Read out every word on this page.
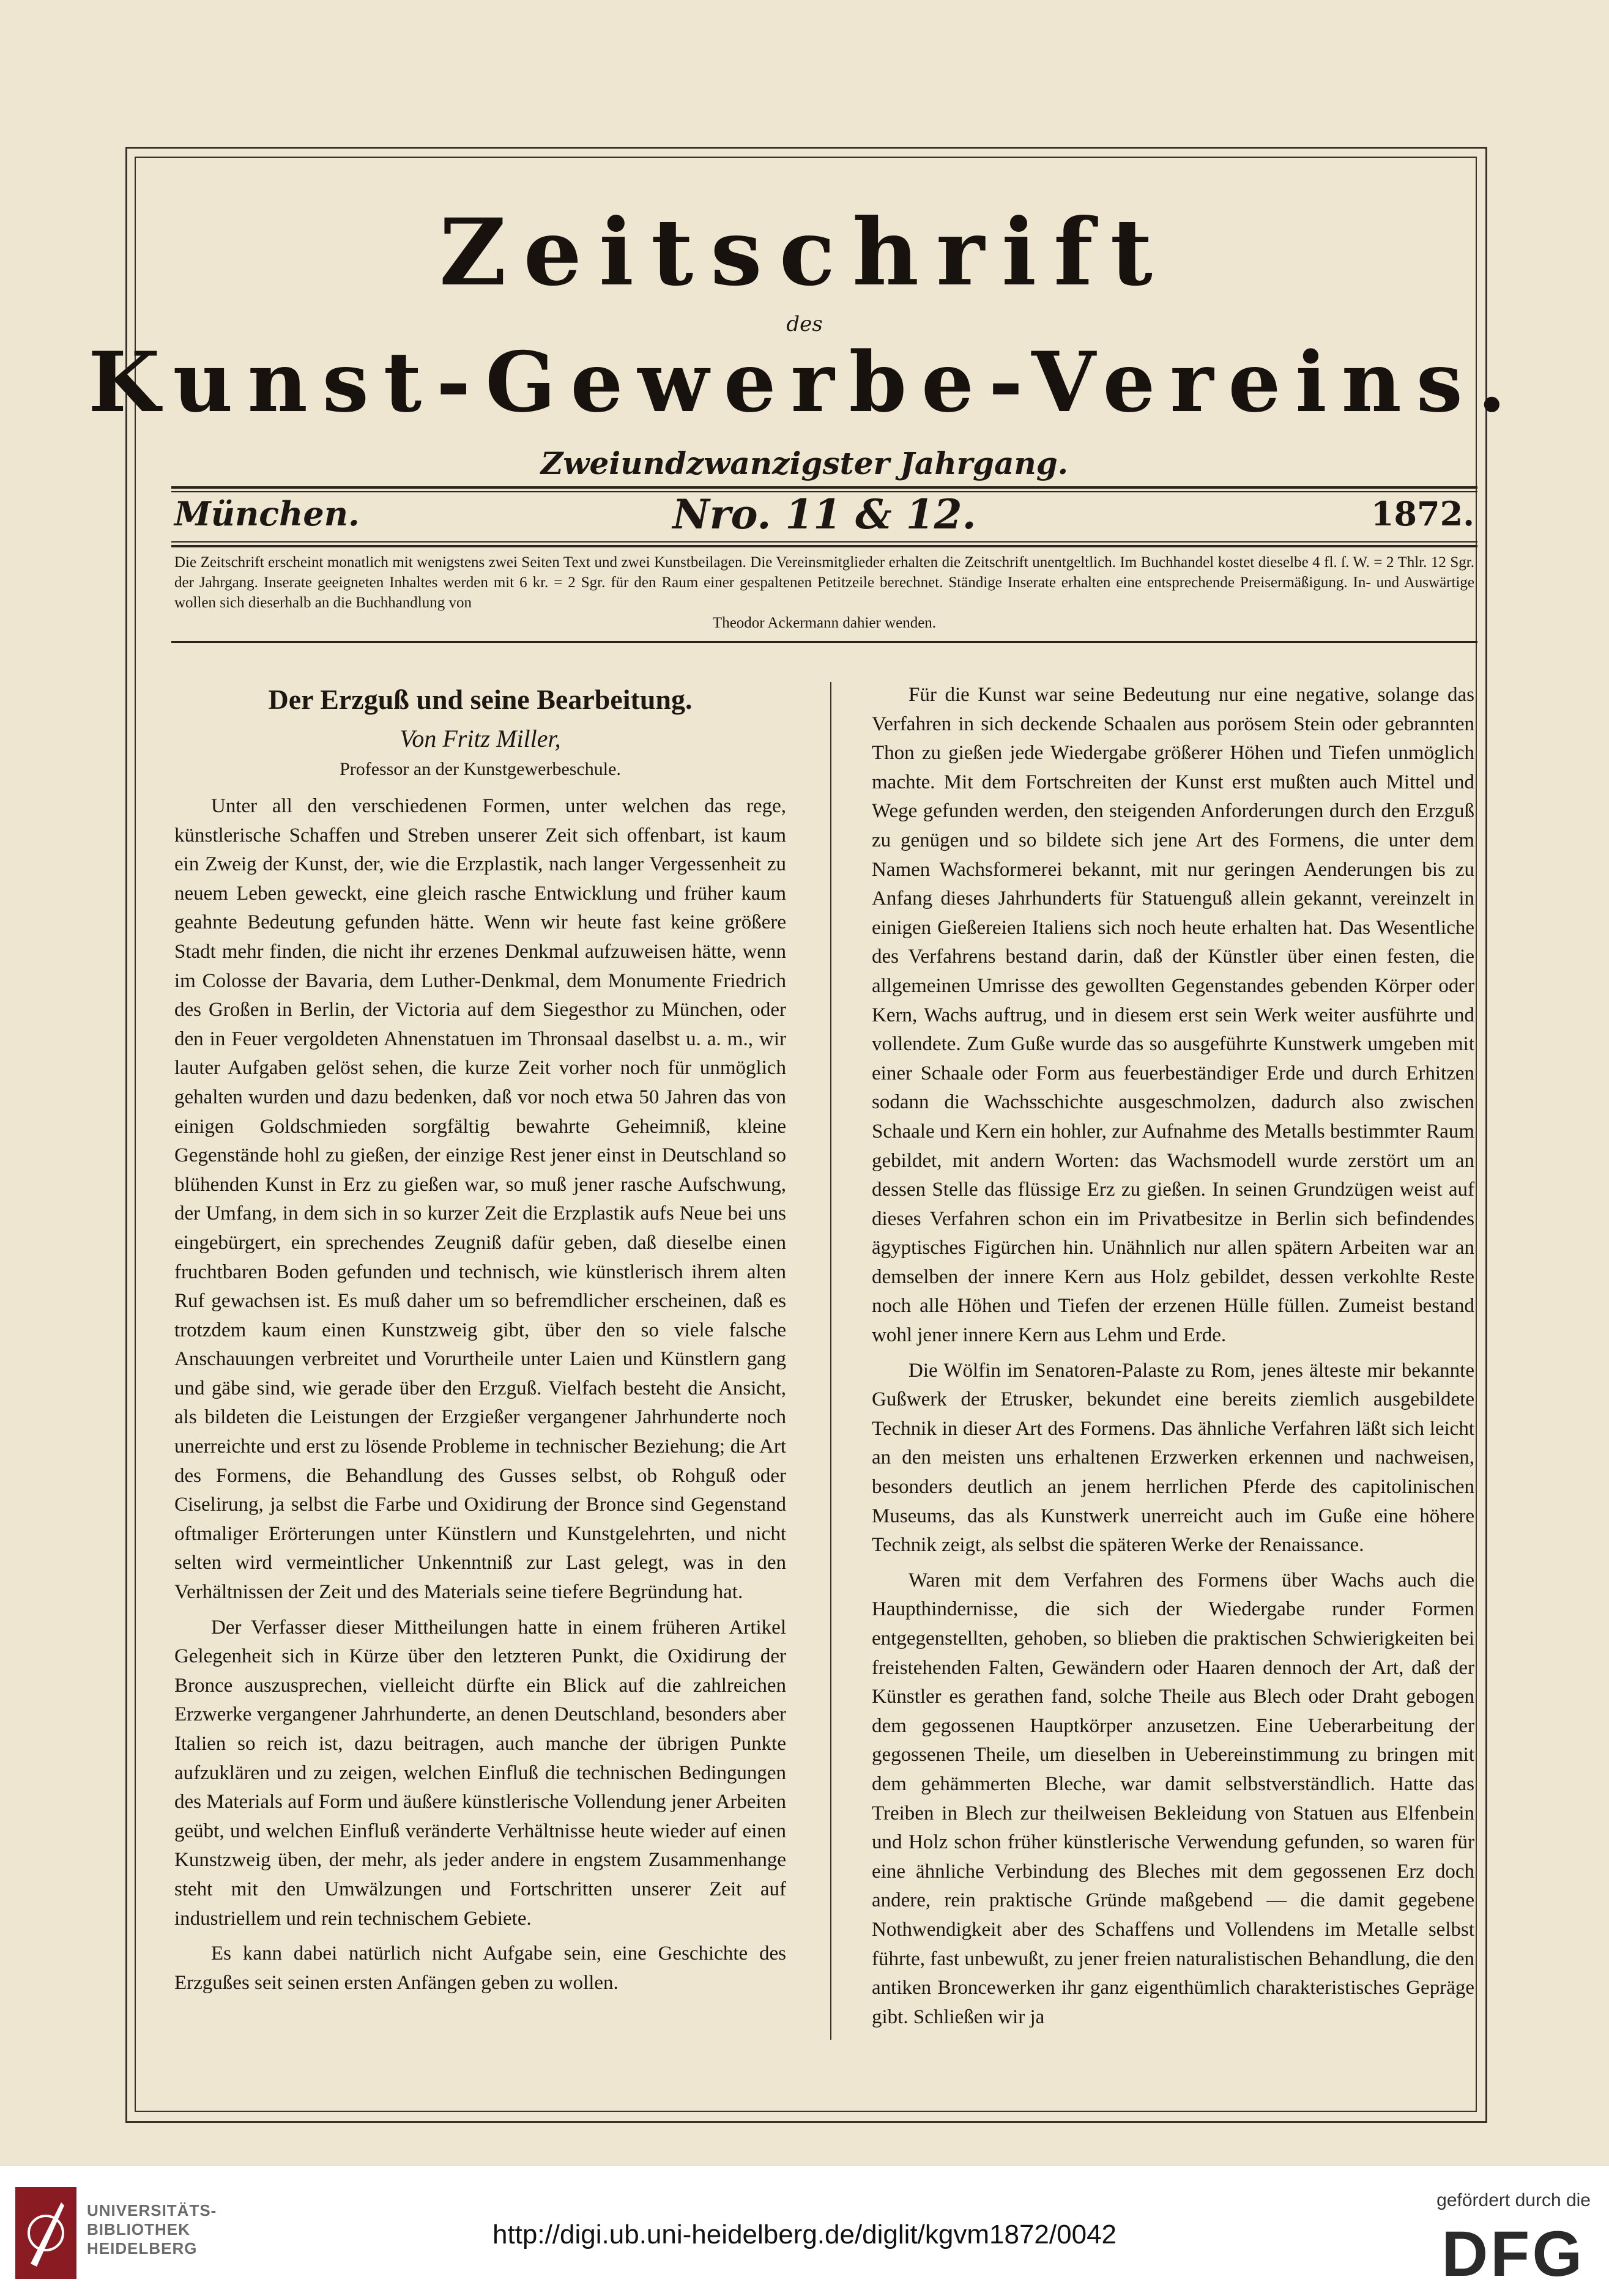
Zeitschrift
des
Kunst-Gewerbe-Vereins.
Zweiundzwanzigster Jahrgang.
München.	Nro. 11 & 12.	1872.
Die Zeitschrift erscheint monatlich mit wenigstens zwei Seiten Text und zwei Kunstbeilagen. Die Vereinsmitglieder erhalten die Zeitschrift unentgeltlich. Im Buchhandel kostet dieselbe 4 fl. ſ. W. = 2 Thlr. 12 Sgr. der Jahrgang. Inserate geeigneten Inhaltes werden mit 6 kr. = 2 Sgr. für den Raum einer gespaltenen Petitzeile berechnet. Ständige Inserate erhalten eine entsprechende Preisermäßigung. In- und Auswärtige wollen sich dieserhalb an die Buchhandlung von
Theodor Ackermann dahier wenden.
Der Erzguß und seine Bearbeitung.
Von Fritz Miller,
Professor an der Kunstgewerbeschule.

Unter all den verschiedenen Formen, unter welchen das rege, künstlerische Schaffen und Streben unserer Zeit sich offenbart, ist kaum ein Zweig der Kunst, der, wie die Erzplastik, nach langer Vergessenheit zu neuem Leben geweckt, eine gleich rasche Entwicklung und früher kaum geahnte Bedeutung gefunden hätte. Wenn wir heute fast keine größere Stadt mehr finden, die nicht ihr erzenes Denkmal aufzuweisen hätte, wenn im Colosse der Bavaria, dem Luther-Denkmal, dem Monumente Friedrich des Großen in Berlin, der Victoria auf dem Siegesthor zu München, oder den in Feuer vergoldeten Ahnenstatuen im Thronsaal daselbst u. a. m., wir lauter Aufgaben gelöst sehen, die kurze Zeit vorher noch für unmöglich gehalten wurden und dazu bedenken, daß vor noch etwa 50 Jahren das von einigen Goldschmieden sorgfältig bewahrte Geheimniß, kleine Gegenstände hohl zu gießen, der einzige Rest jener einst in Deutschland so blühenden Kunst in Erz zu gießen war, so muß jener rasche Aufschwung, der Umfang, in dem sich in so kurzer Zeit die Erzplastik aufs Neue bei uns eingebürgert, ein sprechendes Zeugniß dafür geben, daß dieselbe einen fruchtbaren Boden gefunden und technisch, wie künstlerisch ihrem alten Ruf gewachsen ist. Es muß daher um so befremdlicher erscheinen, daß es trotzdem kaum einen Kunstzweig gibt, über den so viele falsche Anschauungen verbreitet und Vorurtheile unter Laien und Künstlern gang und gäbe sind, wie gerade über den Erzguß. Vielfach besteht die Ansicht, als bildeten die Leistungen der Erzgießer vergangener Jahrhunderte noch unerreichte und erst zu lösende Probleme in technischer Beziehung; die Art des Formens, die Behandlung des Gusses selbst, ob Rohguß oder Ciselirung, ja selbst die Farbe und Oxidirung der Bronce sind Gegenstand oftmaliger Erörterungen unter Künstlern und Kunstgelehrten, und nicht selten wird vermeintlicher Unkenntniß zur Last gelegt, was in den Verhältnissen der Zeit und des Materials seine tiefere Begründung hat.

Der Verfasser dieser Mittheilungen hatte in einem früheren Artikel Gelegenheit sich in Kürze über den letzteren Punkt, die Oxidirung der Bronce auszusprechen, vielleicht dürfte ein Blick auf die zahlreichen Erzwerke vergangener Jahrhunderte, an denen Deutschland, besonders aber Italien so reich ist, dazu beitragen, auch manche der übrigen Punkte aufzuklären und zu zeigen, welchen Einfluß die technischen Bedingungen des Materials auf Form und äußere künstlerische Vollendung jener Arbeiten geübt, und welchen Einfluß veränderte Verhältnisse heute wieder auf einen Kunstzweig üben, der mehr, als jeder andere in engstem Zusammenhange steht mit den Umwälzungen und Fortschritten unserer Zeit auf industriellem und rein technischem Gebiete.

Es kann dabei natürlich nicht Aufgabe sein, eine Geschichte des Erzgußes seit seinen ersten Anfängen geben zu wollen.

Für die Kunst war seine Bedeutung nur eine negative, solange das Verfahren in sich deckende Schaalen aus porösem Stein oder gebrannten Thon zu gießen jede Wiedergabe größerer Höhen und Tiefen unmöglich machte. Mit dem Fortschreiten der Kunst erst mußten auch Mittel und Wege gefunden werden, den steigenden Anforderungen durch den Erzguß zu genügen und so bildete sich jene Art des Formens, die unter dem Namen Wachsformerei bekannt, mit nur geringen Aenderungen bis zu Anfang dieses Jahrhunderts für Statuenguß allein gekannt, vereinzelt in einigen Gießereien Italiens sich noch heute erhalten hat. Das Wesentliche des Verfahrens bestand darin, daß der Künstler über einen festen, die allgemeinen Umrisse des gewollten Gegenstandes gebenden Körper oder Kern, Wachs auftrug, und in diesem erst sein Werk weiter ausführte und vollendete. Zum Guße wurde das so ausgeführte Kunstwerk umgeben mit einer Schaale oder Form aus feuerbeständiger Erde und durch Erhitzen sodann die Wachsschichte ausgeschmolzen, dadurch also zwischen Schaale und Kern ein hohler, zur Aufnahme des Metalls bestimmter Raum gebildet, mit andern Worten: das Wachsmodell wurde zerstört um an dessen Stelle das flüssige Erz zu gießen. In seinen Grundzügen weist auf dieses Verfahren schon ein im Privatbesitze in Berlin sich befindendes ägyptisches Figürchen hin. Unähnlich nur allen spätern Arbeiten war an demselben der innere Kern aus Holz gebildet, dessen verkohlte Reste noch alle Höhen und Tiefen der erzenen Hülle füllen. Zumeist bestand wohl jener innere Kern aus Lehm und Erde.

Die Wölfin im Senatoren-Palaste zu Rom, jenes älteste mir bekannte Gußwerk der Etrusker, bekundet eine bereits ziemlich ausgebildete Technik in dieser Art des Formens. Das ähnliche Verfahren läßt sich leicht an den meisten uns erhaltenen Erzwerken erkennen und nachweisen, besonders deutlich an jenem herrlichen Pferde des capitolinischen Museums, das als Kunstwerk unerreicht auch im Guße eine höhere Technik zeigt, als selbst die späteren Werke der Renaissance.

Waren mit dem Verfahren des Formens über Wachs auch die Haupthindernisse, die sich der Wiedergabe runder Formen entgegenstellten, gehoben, so blieben die praktischen Schwierigkeiten bei freistehenden Falten, Gewändern oder Haaren dennoch der Art, daß der Künstler es gerathen fand, solche Theile aus Blech oder Draht gebogen dem gegossenen Hauptkörper anzusetzen. Eine Ueberarbeitung der gegossenen Theile, um dieselben in Uebereinstimmung zu bringen mit dem gehämmerten Bleche, war damit selbstverständlich. Hatte das Treiben in Blech zur theilweisen Bekleidung von Statuen aus Elfenbein und Holz schon früher künstlerische Verwendung gefunden, so waren für eine ähnliche Verbindung des Bleches mit dem gegossenen Erz doch andere, rein praktische Gründe maßgebend — die damit gegebene Nothwendigkeit aber des Schaffens und Vollendens im Metalle selbst führte, fast unbewußt, zu jener freien naturalistischen Behandlung, die den antiken Broncewerken ihr ganz eigenthümlich charakteristisches Gepräge gibt. Schließen wir ja

UNIVERSITÄTS-
BIBLIOTHEK
HEIDELBERG	http://digi.ub.uni-heidelberg.de/diglit/kgvm1872/0042
gefördert durch die
DFG
